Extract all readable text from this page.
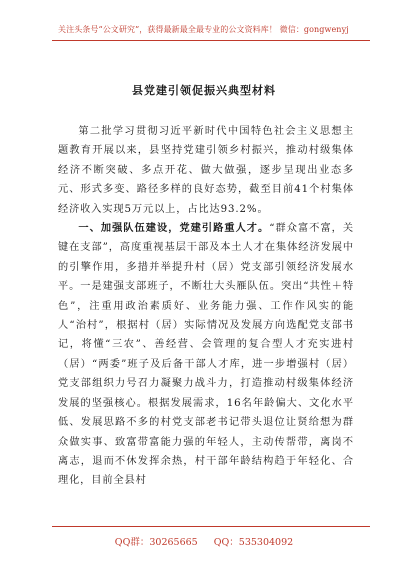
关注头条号“公文研究”，获得最新最全最专业的公文资料库！ 微信：gongwenyj
县党建引领促振兴典型材料

第二批学习贯彻习近平新时代中国特色社会主义思想主题教育开展以来，县坚持党建引领乡村振兴，推动村级集体经济不断突破、多点开花、做大做强，逐步呈现出业态多元、形式多变、路径多样的良好态势，截至目前41个村集体经济收入实现5万元以上，占比达93.2%。

一、加强队伍建设，党建引路重人才。“群众富不富，关键在支部”，高度重视基层干部及本土人才在集体经济发展中的引擎作用，多措并举提升村（居）党支部引领经济发展水平。一是建强支部班子，不断壮大头雁队伍。突出“共性＋特色”，注重用政治素质好、业务能力强、工作作风实的能人“治村”，根据村（居）实际情况及发展方向选配党支部书记，将懂“三农”、善经营、会管理的复合型人才充实进村（居）“两委”班子及后备干部人才库，进一步增强村（居）党支部组织力号召力凝聚力战斗力，打造推动村级集体经济发展的坚强核心。根据发展需求，16名年龄偏大、文化水平低、发展思路不多的村党支部老书记带头退位让贤给想为群众做实事、致富带富能力强的年轻人，主动传帮带，离岗不离志，退而不休发挥余热，村干部年龄结构趋于年轻化、合理化，目前全县村

QQ群：30265665 QQ：535304092
